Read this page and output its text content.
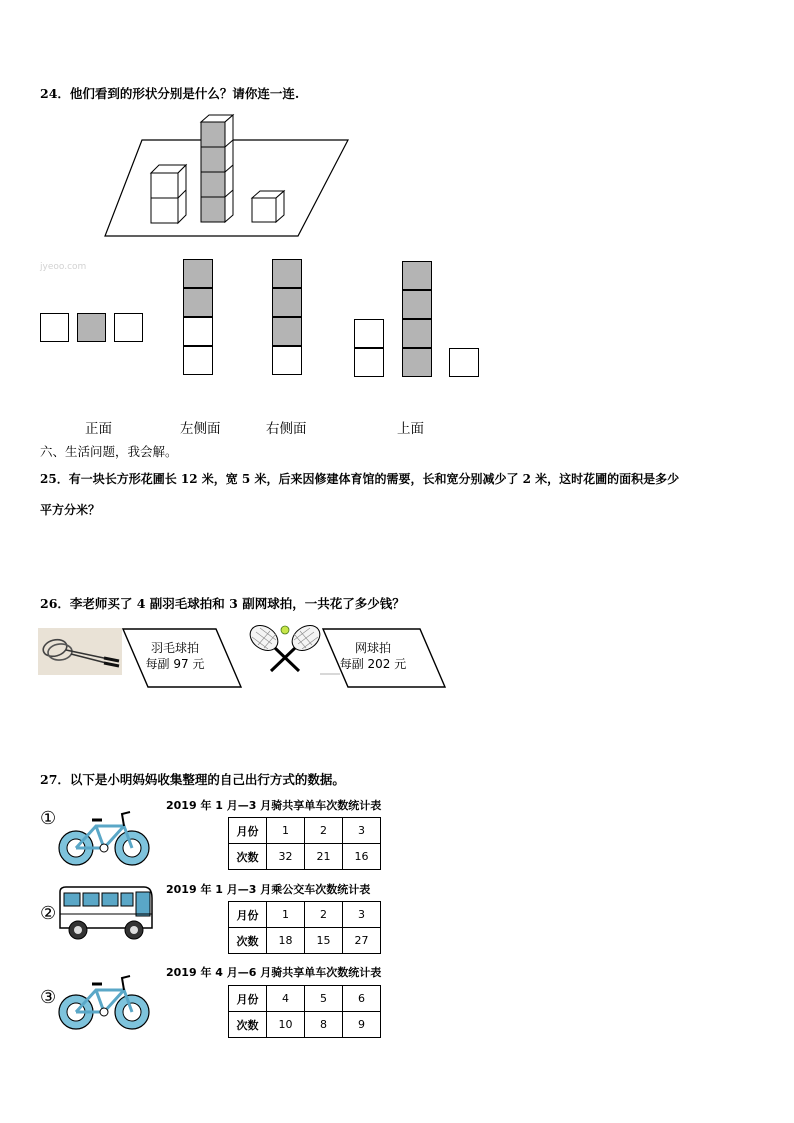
24．他们看到的形状分别是什么？请你连一连.
jyeoo.com
正面	左侧面	右侧面	上面
六、生活问题，我会解。
25．有一块长方形花圃长 12 米，宽 5 米，后来因修建体育馆的需要，长和宽分别减少了 2 米，这时花圃的面积是多少
平方分米？
26．李老师买了 4 副羽毛球拍和 3 副网球拍，一共花了多少钱？
羽毛球拍
每副 97 元
网球拍
每副 202 元
27．以下是小明妈妈收集整理的自己出行方式的数据。
①
2019 年 1 月—3 月骑共享单车次数统计表
月份	1	2	3
次数	32	21	16
②
2019 年 1 月—3 月乘公交车次数统计表
月份	1	2	3
次数	18	15	27
③
2019 年 4 月—6 月骑共享单车次数统计表
月份	4	5	6
次数	10	8	9
